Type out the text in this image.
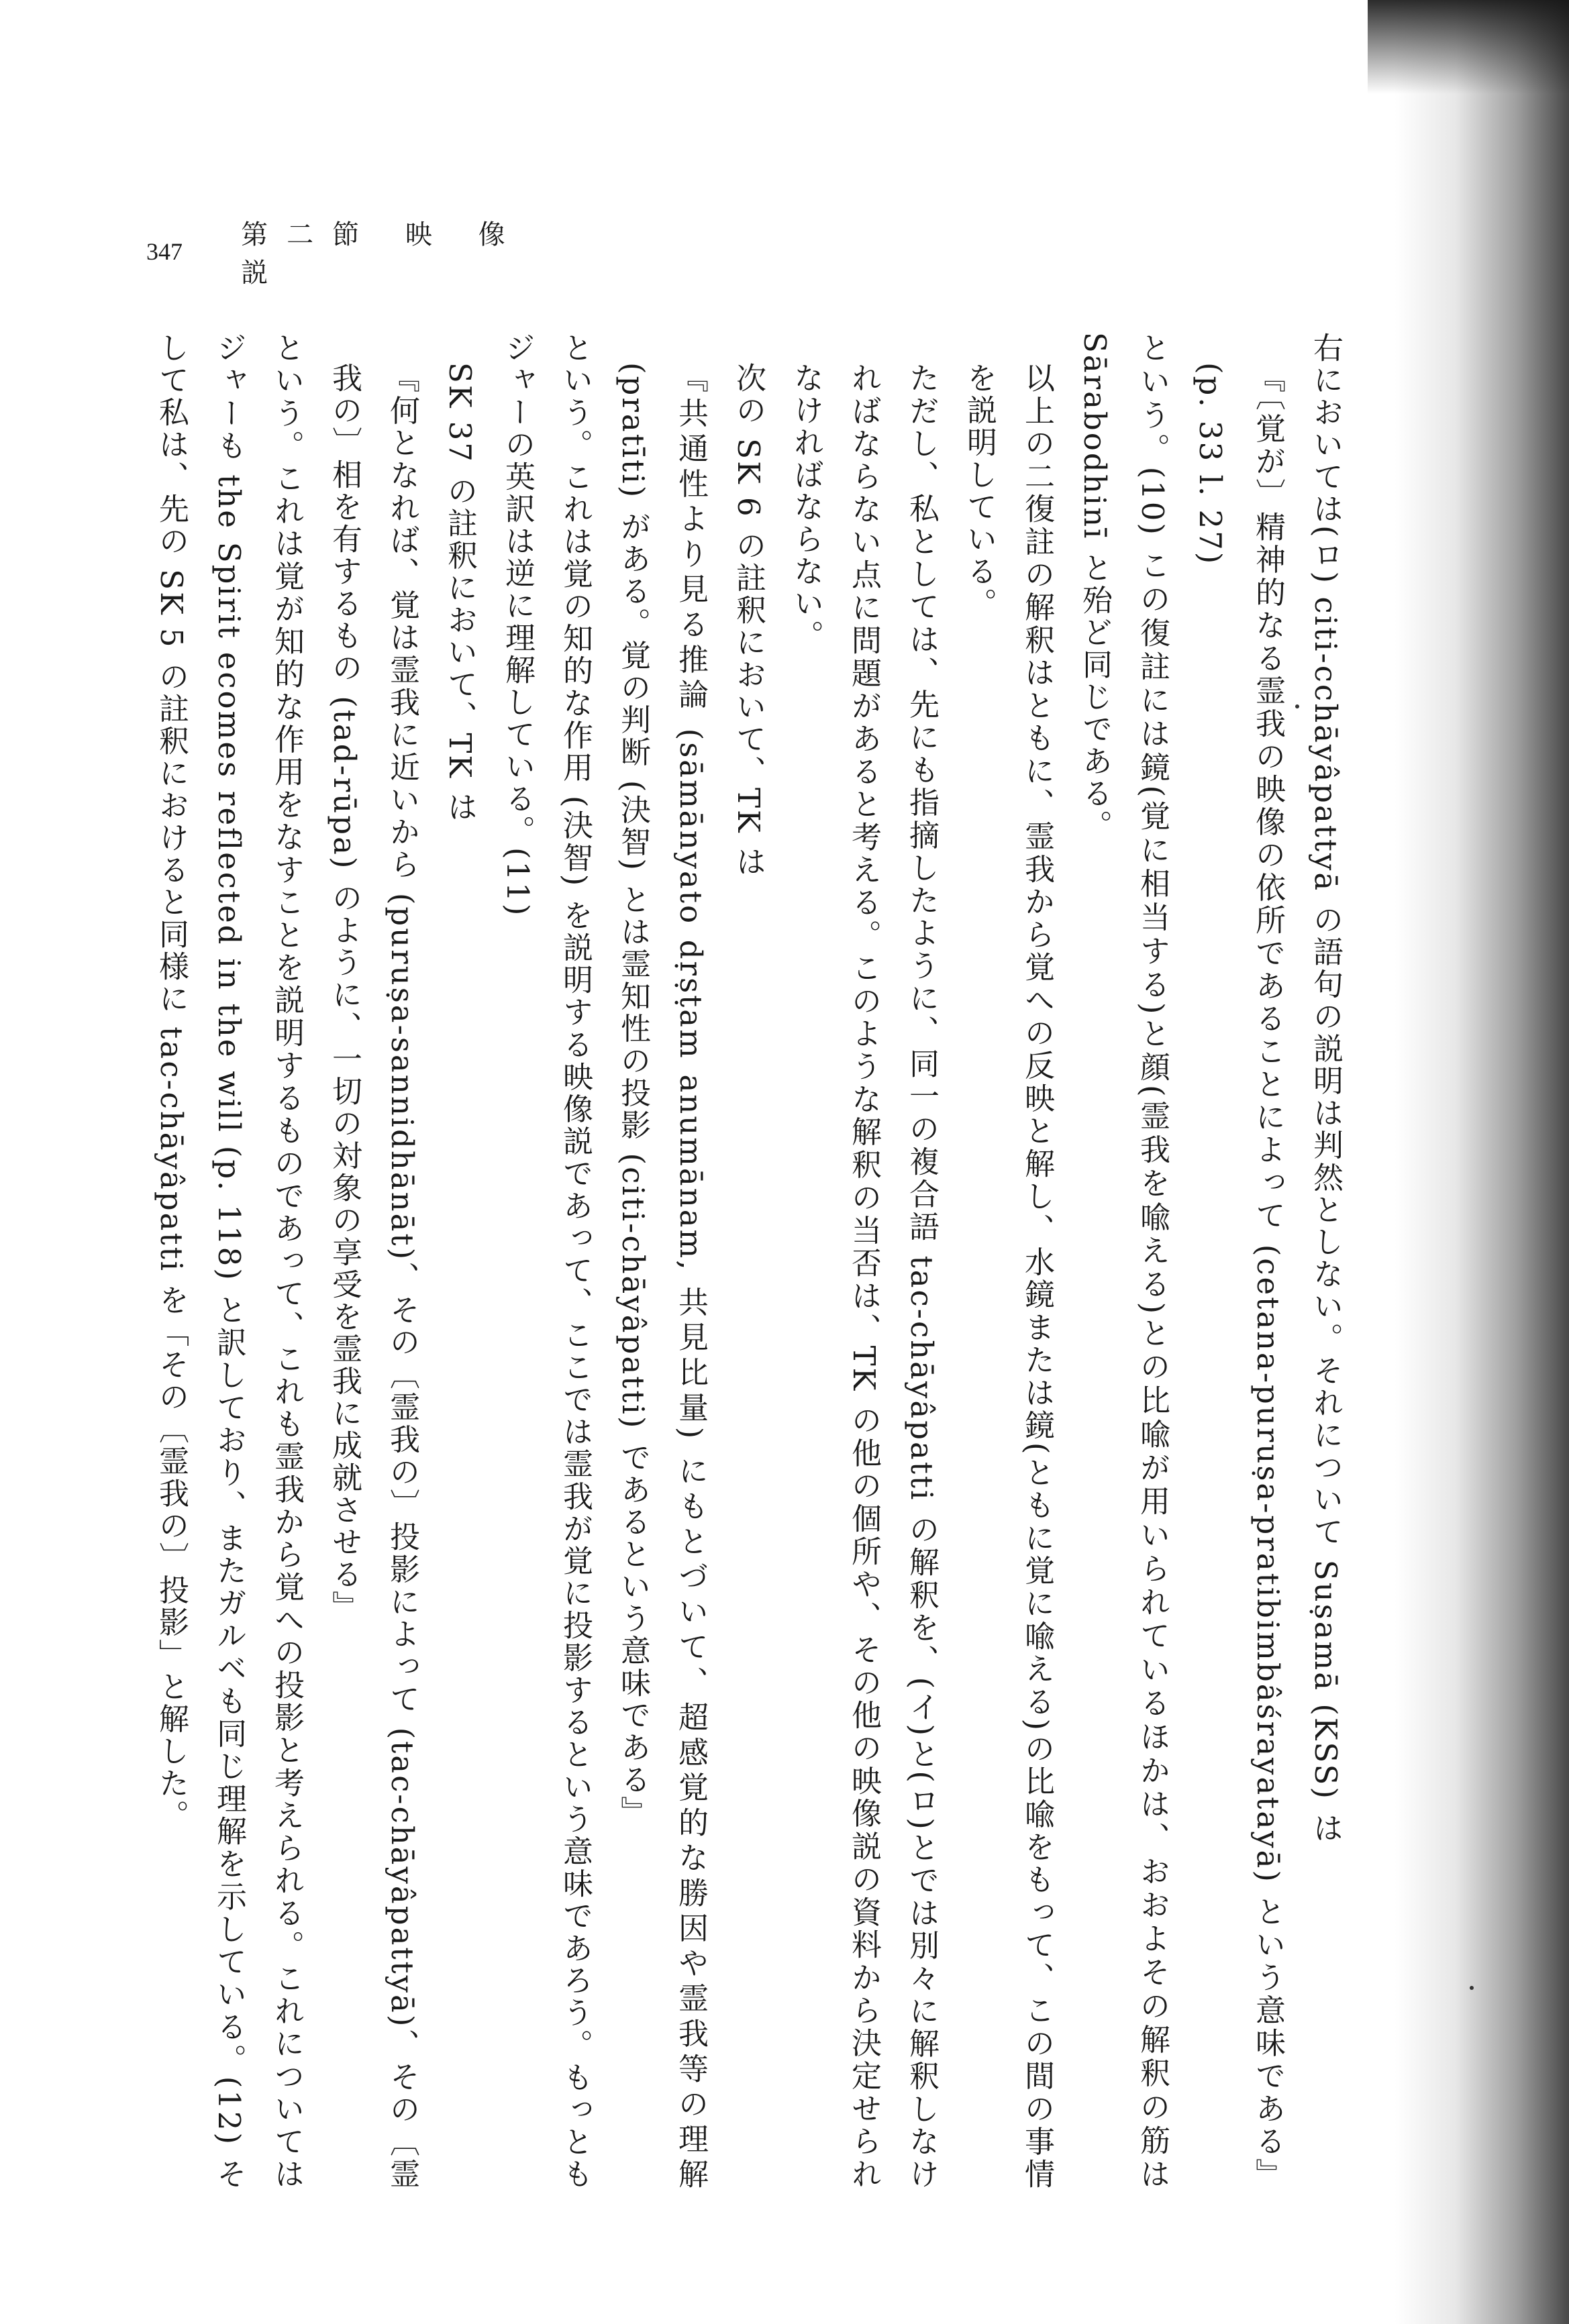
347
第二節 映 像 説

右においては(ロ) citi-cchāyâpattyā の語句の説明は判然としない。それについて Suṣamā (KSS) は

『〔覚が〕精神的なる霊我の映像の依所であることによって (cetana-puruṣa-pratibimbâśrayatayā) という意味である』(p. 33 l. 27)

という。(10) この復註には鏡(覚に相当する)と顔(霊我を喩える)との比喩が用いられているほかは、おおよその解釈の筋は Sārabodhinī と殆ど同じである。

以上の二復註の解釈はともに、霊我から覚への反映と解し、水鏡または鏡(ともに覚に喩える)の比喩をもって、この間の事情を説明している。

ただし、私としては、先にも指摘したように、同一の複合語 tac-chāyâpatti の解釈を、(イ)と(ロ)とでは別々に解釈しなければならない点に問題があると考える。このような解釈の当否は、TK の他の個所や、その他の映像説の資料から決定せられなければならない。

次の SK 6 の註釈において、TK は

『共通性より見る推論 (sāmānyato dṛṣṭam anumānam, 共見比量) にもとづいて、超感覚的な勝因や霊我等の理解 (pratīti) がある。覚の判断 (決智) とは霊知性の投影 (citi-chāyâpatti) であるという意味である』

という。これは覚の知的な作用 (決智) を説明する映像説であって、ここでは霊我が覚に投影するという意味であろう。もっともジャーの英訳は逆に理解している。(11)

SK 37 の註釈において、TK は

『何となれば、覚は霊我に近いから (puruṣa-sannidhānāt)、その〔霊我の〕投影によって (tac-chāyâpattyā)、その〔霊我の〕相を有するもの (tad-rūpa) のように、一切の対象の享受を霊我に成就させる』

という。これは覚が知的な作用をなすことを説明するものであって、これも霊我から覚への投影と考えられる。これについてはジャーも the Spirit ecomes reflected in the will (p. 118) と訳しており、またガルベも同じ理解を示している。(12) そして私は、先の SK 5 の註釈におけると同様に tac-chāyâpatti を「その〔霊我の〕投影」と解した。
